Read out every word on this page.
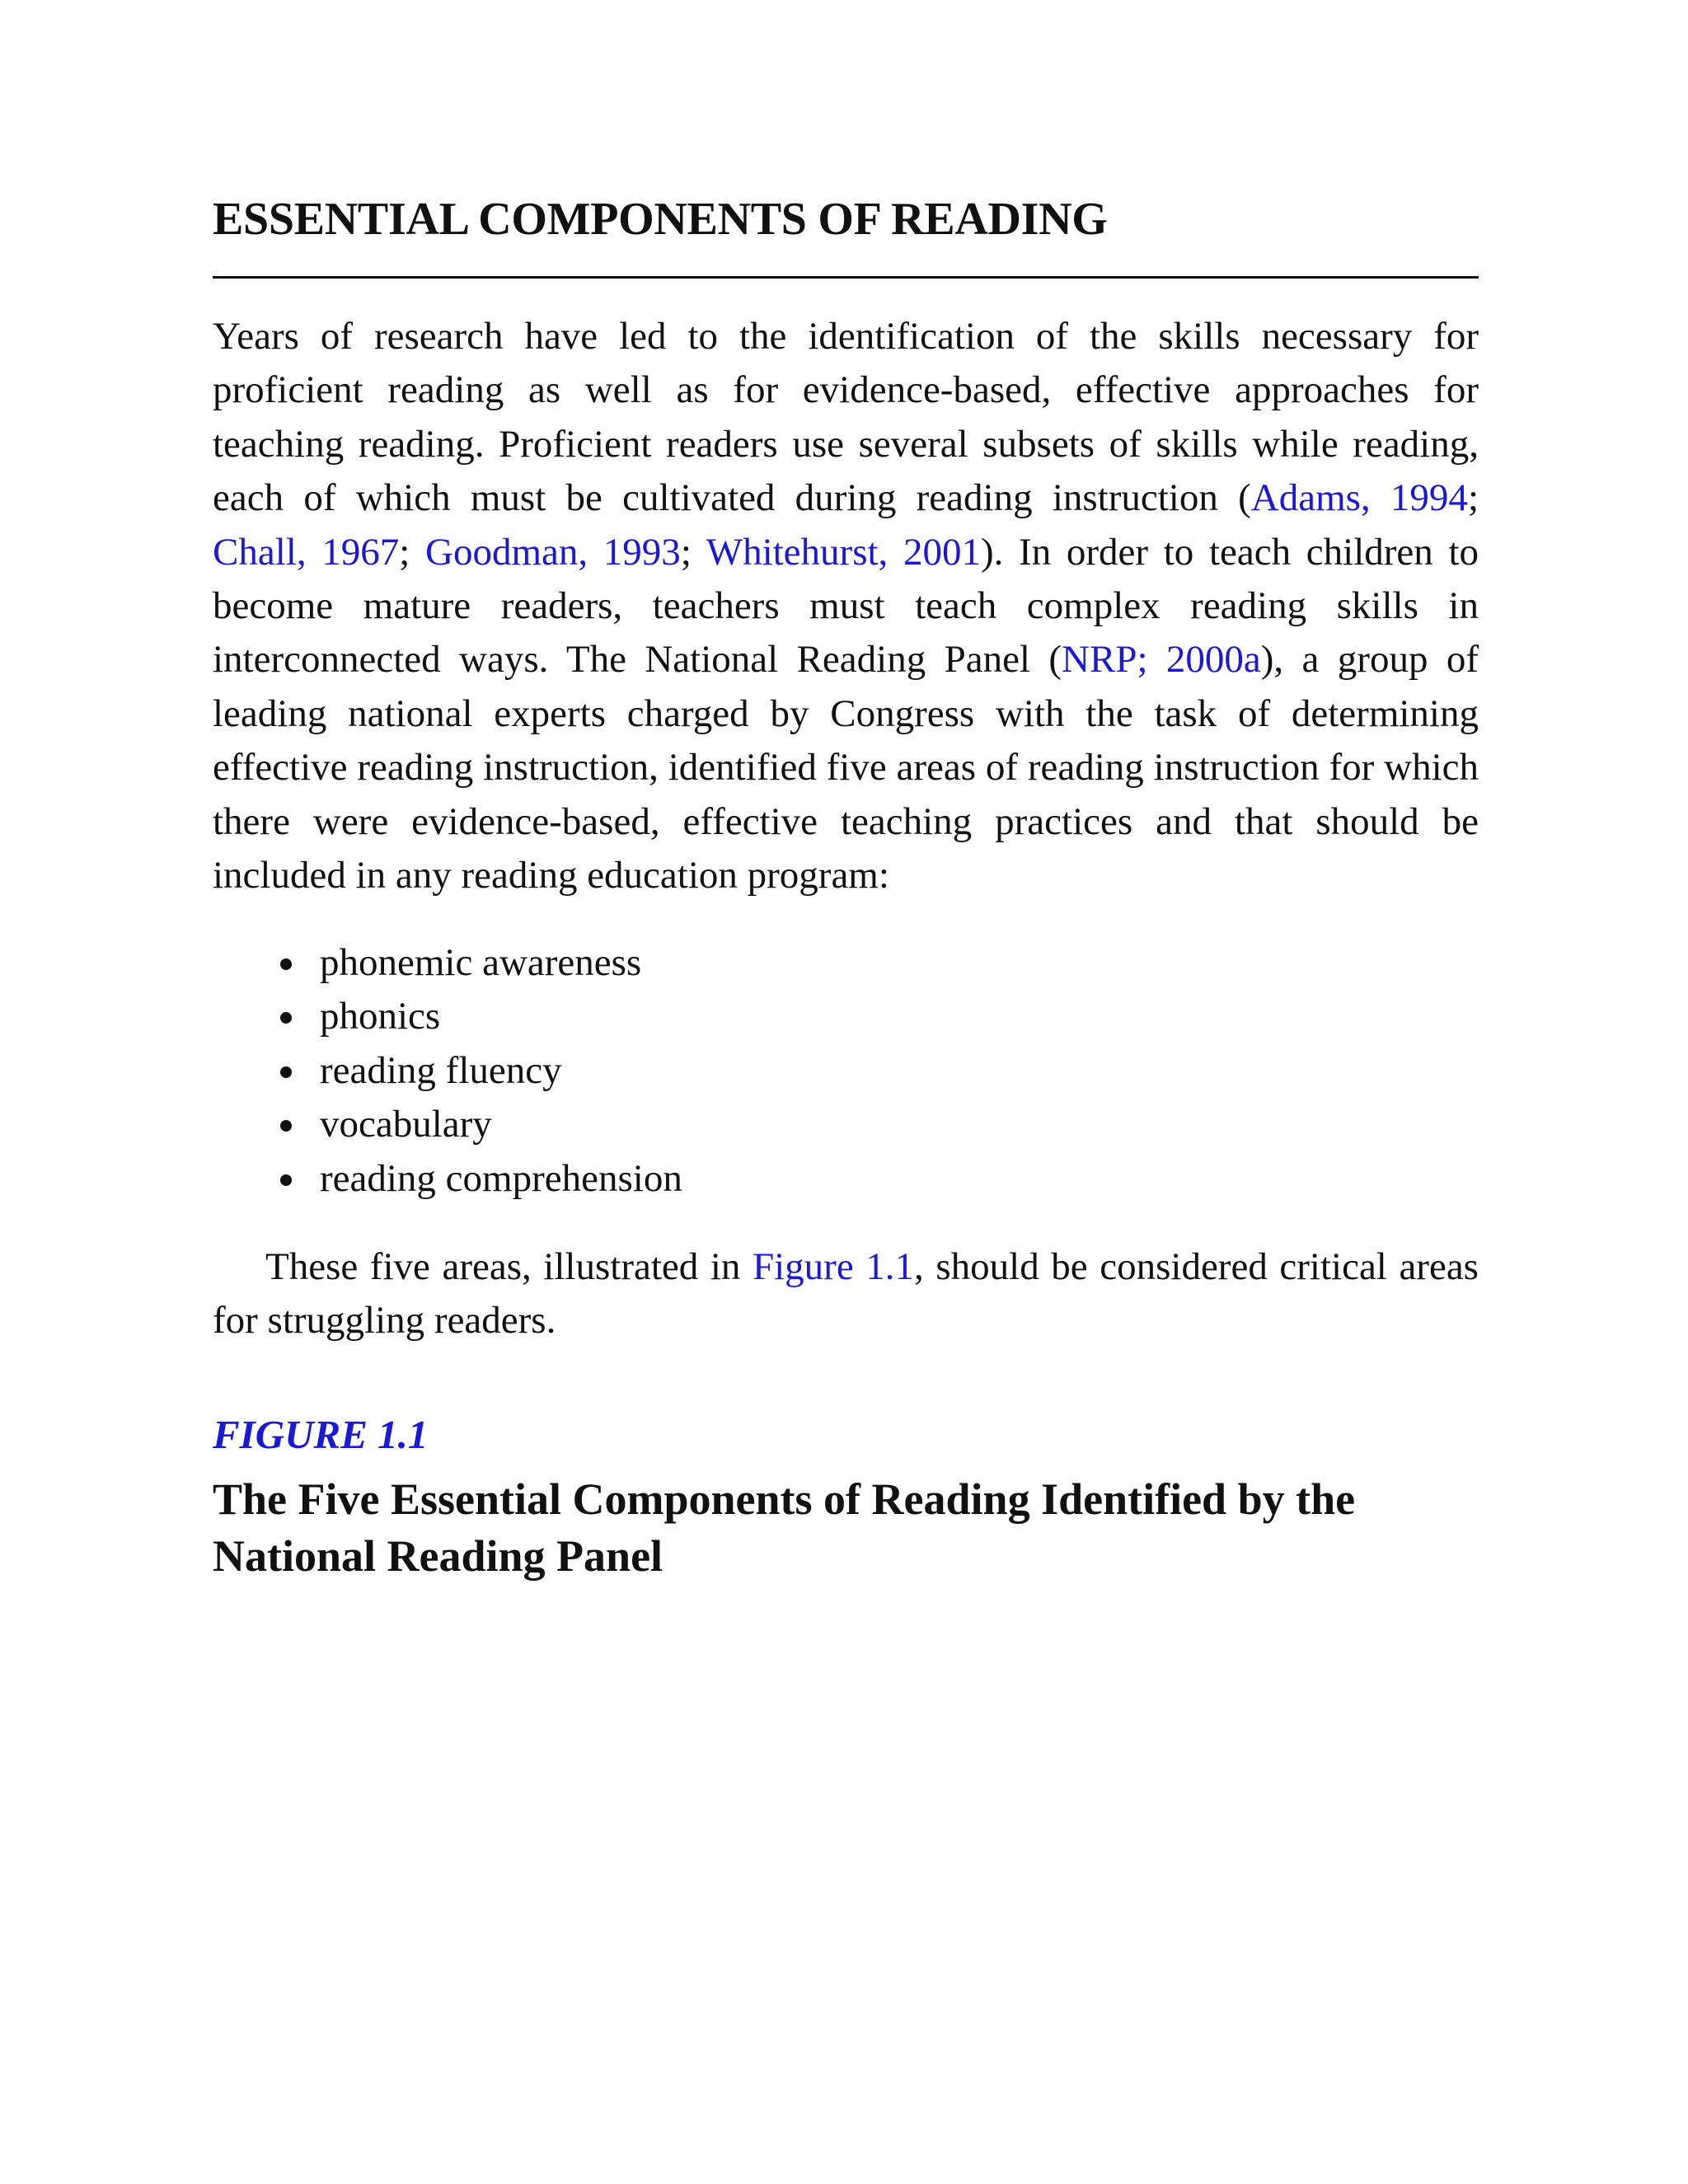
ESSENTIAL COMPONENTS OF READING

Years of research have led to the identification of the skills necessary for proficient reading as well as for evidence-based, effective approaches for teaching reading. Proficient readers use several subsets of skills while reading, each of which must be cultivated during reading instruction (Adams, 1994; Chall, 1967; Goodman, 1993; Whitehurst, 2001). In order to teach children to become mature readers, teachers must teach complex reading skills in interconnected ways. The National Reading Panel (NRP; 2000a), a group of leading national experts charged by Congress with the task of determining effective reading instruction, identified five areas of reading instruction for which there were evidence-based, effective teaching practices and that should be included in any reading education program:

phonemic awareness
phonics
reading fluency
vocabulary
reading comprehension

These five areas, illustrated in Figure 1.1, should be considered critical areas for struggling readers.

FIGURE 1.1
The Five Essential Components of Reading Identified by the National Reading Panel
